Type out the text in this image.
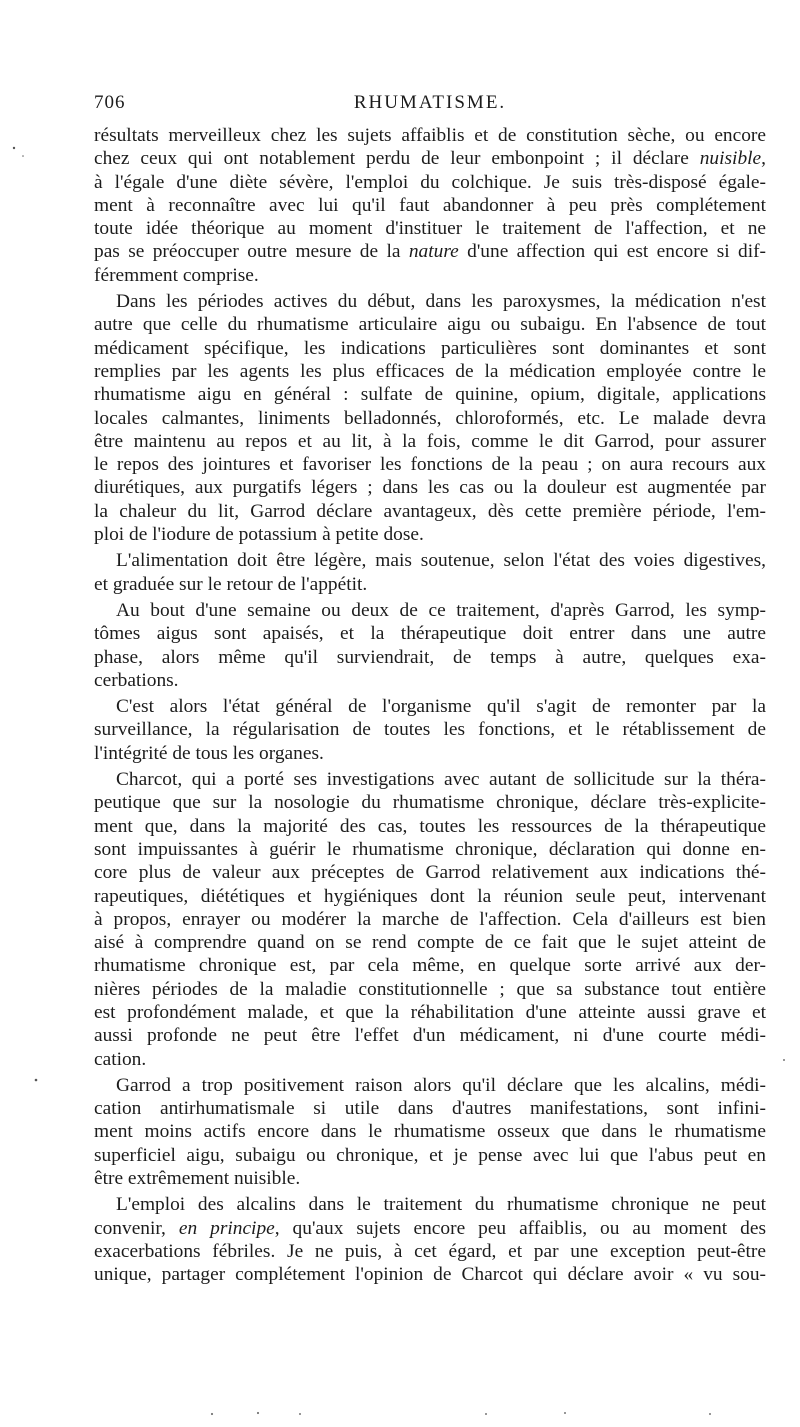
706	RHUMATISME.
résultats merveilleux chez les sujets affaiblis et de constitution sèche, ou encore
chez ceux qui ont notablement perdu de leur embonpoint ; il déclare nuisible,
à l'égale d'une diète sévère, l'emploi du colchique. Je suis très-disposé égale-
ment à reconnaître avec lui qu'il faut abandonner à peu près complétement
toute idée théorique au moment d'instituer le traitement de l'affection, et ne
pas se préoccuper outre mesure de la nature d'une affection qui est encore si dif-
féremment comprise.
Dans les périodes actives du début, dans les paroxysmes, la médication n'est
autre que celle du rhumatisme articulaire aigu ou subaigu. En l'absence de tout
médicament spécifique, les indications particulières sont dominantes et sont
remplies par les agents les plus efficaces de la médication employée contre le
rhumatisme aigu en général : sulfate de quinine, opium, digitale, applications
locales calmantes, liniments belladonnés, chloroformés, etc. Le malade devra
être maintenu au repos et au lit, à la fois, comme le dit Garrod, pour assurer
le repos des jointures et favoriser les fonctions de la peau ; on aura recours aux
diurétiques, aux purgatifs légers ; dans les cas ou la douleur est augmentée par
la chaleur du lit, Garrod déclare avantageux, dès cette première période, l'em-
ploi de l'iodure de potassium à petite dose.
L'alimentation doit être légère, mais soutenue, selon l'état des voies digestives,
et graduée sur le retour de l'appétit.
Au bout d'une semaine ou deux de ce traitement, d'après Garrod, les symp-
tômes aigus sont apaisés, et la thérapeutique doit entrer dans une autre
phase, alors même qu'il surviendrait, de temps à autre, quelques exa-
cerbations.
C'est alors l'état général de l'organisme qu'il s'agit de remonter par la
surveillance, la régularisation de toutes les fonctions, et le rétablissement de
l'intégrité de tous les organes.
Charcot, qui a porté ses investigations avec autant de sollicitude sur la théra-
peutique que sur la nosologie du rhumatisme chronique, déclare très-explicite-
ment que, dans la majorité des cas, toutes les ressources de la thérapeutique
sont impuissantes à guérir le rhumatisme chronique, déclaration qui donne en-
core plus de valeur aux préceptes de Garrod relativement aux indications thé-
rapeutiques, diététiques et hygiéniques dont la réunion seule peut, intervenant
à propos, enrayer ou modérer la marche de l'affection. Cela d'ailleurs est bien
aisé à comprendre quand on se rend compte de ce fait que le sujet atteint de
rhumatisme chronique est, par cela même, en quelque sorte arrivé aux der-
nières périodes de la maladie constitutionnelle ; que sa substance tout entière
est profondément malade, et que la réhabilitation d'une atteinte aussi grave et
aussi profonde ne peut être l'effet d'un médicament, ni d'une courte médi-
cation.
Garrod a trop positivement raison alors qu'il déclare que les alcalins, médi-
cation antirhumatismale si utile dans d'autres manifestations, sont infini-
ment moins actifs encore dans le rhumatisme osseux que dans le rhumatisme
superficiel aigu, subaigu ou chronique, et je pense avec lui que l'abus peut en
être extrêmement nuisible.
L'emploi des alcalins dans le traitement du rhumatisme chronique ne peut
convenir, en principe, qu'aux sujets encore peu affaiblis, ou au moment des
exacerbations fébriles. Je ne puis, à cet égard, et par une exception peut-être
unique, partager complétement l'opinion de Charcot qui déclare avoir « vu sou-
